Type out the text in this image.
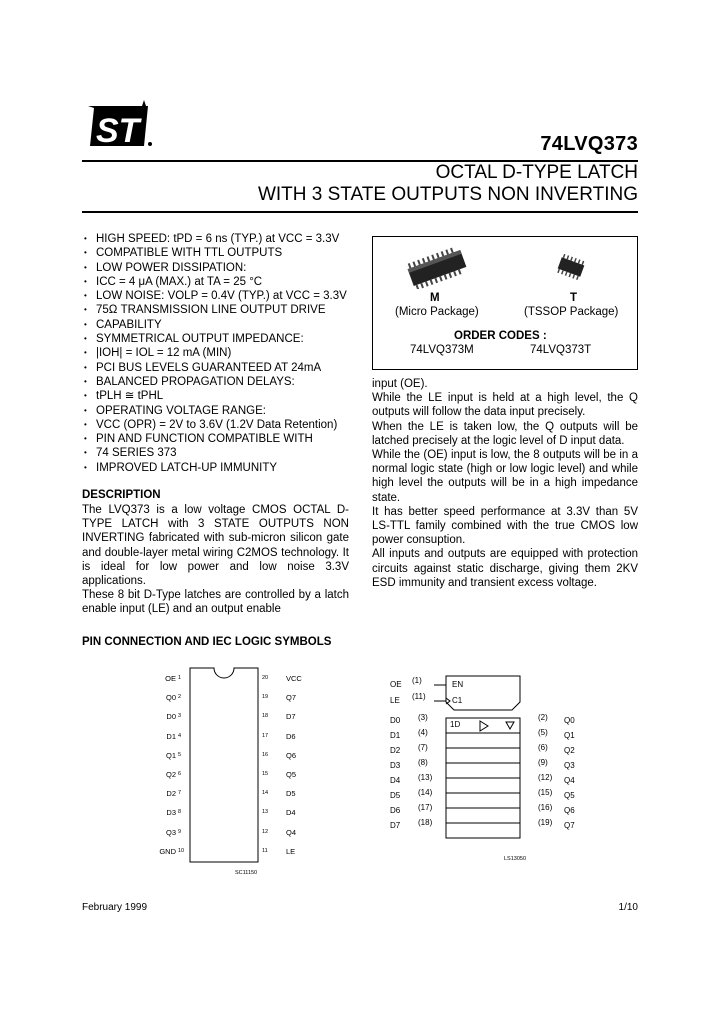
ST	74LVQ373
OCTAL D-TYPE LATCH
WITH 3 STATE OUTPUTS NON INVERTING
• HIGH SPEED: tPD = 6 ns (TYP.) at VCC = 3.3V
• COMPATIBLE WITH TTL OUTPUTS
• LOW POWER DISSIPATION:
• ICC = 4 μA (MAX.) at TA = 25 °C
• LOW NOISE: VOLP = 0.4V (TYP.) at VCC = 3.3V
• 75Ω TRANSMISSION LINE OUTPUT DRIVE
• CAPABILITY
• SYMMETRICAL OUTPUT IMPEDANCE:
• |IOH| = IOL = 12 mA (MIN)
• PCI BUS LEVELS GUARANTEED AT 24mA
• BALANCED PROPAGATION DELAYS:
• tPLH ≅ tPHL
• OPERATING VOLTAGE RANGE:
• VCC (OPR) = 2V to 3.6V (1.2V Data Retention)
• PIN AND FUNCTION COMPATIBLE WITH
• 74 SERIES 373
• IMPROVED LATCH-UP IMMUNITY
M
(Micro Package)
T
(TSSOP Package)
ORDER CODES :
74LVQ373M	74LVQ373T
DESCRIPTION

The LVQ373 is a low voltage CMOS OCTAL D-TYPE LATCH with 3 STATE OUTPUTS NON INVERTING fabricated with sub-micron silicon gate and double-layer metal wiring C2MOS technology. It is ideal for low power and low noise 3.3V applications.

These 8 bit D-Type latches are controlled by a latch enable input (LE) and an output enable

input (OE).

While the LE input is held at a high level, the Q outputs will follow the data input precisely.

When the LE is taken low, the Q outputs will be latched precisely at the logic level of D input data.

While the (OE) input is low, the 8 outputs will be in a normal logic state (high or low logic level) and while high level the outputs will be in a high impedance state.

It has better speed performance at 3.3V than 5V LS-TTL family combined with the true CMOS low power consuption.

All inputs and outputs are equipped with protection circuits against static discharge, giving them 2KV ESD immunity and transient excess voltage.

PIN CONNECTION AND IEC LOGIC SYMBOLS
OE 1
Q0 2
D0 3
D1 4
Q1 5
Q2 6
D2 7
D3 8
Q3 9
GND 10
20 VCC
19 Q7
18 D7
17 D6
16 Q6
15 Q5
14 D5
13 D4
12 Q4
11 LE
SC11150
OE
LE
(1)
(11)
EN
C1
1D
D0 (3)	(2) Q0
D1 (4)	(5) Q1
D2 (7)	(6) Q2
D3 (8)	(9) Q3
D4 (13)	(12) Q4
D5 (14)	(15) Q5
D6 (17)	(16) Q6
D7 (18)	(19) Q7
LS13050
February 1999	1/10
